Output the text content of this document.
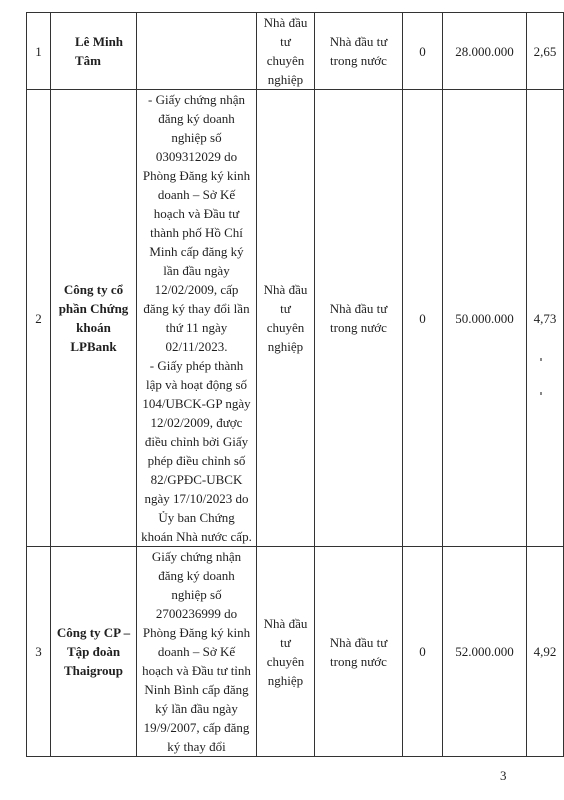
1	Lê Minh Tâm		Nhà đầu tư chuyên nghiệp	Nhà đầu tư trong nước	0	28.000.000	2,65
2	Công ty cổ phần Chứng khoán LPBank	- Giấy chứng nhận đăng ký doanh nghiệp số 0309312029 do Phòng Đăng ký kinh doanh – Sở Kế hoạch và Đầu tư thành phố Hồ Chí Minh cấp đăng ký lần đầu ngày 12/02/2009, cấp đăng ký thay đổi lần thứ 11 ngày 02/11/2023.

- Giấy phép thành lập và hoạt động số 104/UBCK-GP ngày 12/02/2009, được điều chỉnh bởi Giấy phép điều chỉnh số 82/GPĐC-UBCK ngày 17/10/2023 do Ủy ban Chứng khoán Nhà nước cấp.	Nhà đầu tư chuyên nghiệp	Nhà đầu tư trong nước	0	50.000.000	4,73
3	Công ty CP – Tập đoàn Thaigroup	Giấy chứng nhận đăng ký doanh nghiệp số 2700236999 do Phòng Đăng ký kinh doanh – Sở Kế hoạch và Đầu tư tỉnh Ninh Bình cấp đăng ký lần đầu ngày 19/9/2007, cấp đăng ký thay đổi	Nhà đầu tư chuyên nghiệp	Nhà đầu tư trong nước	0	52.000.000	4,92
3
